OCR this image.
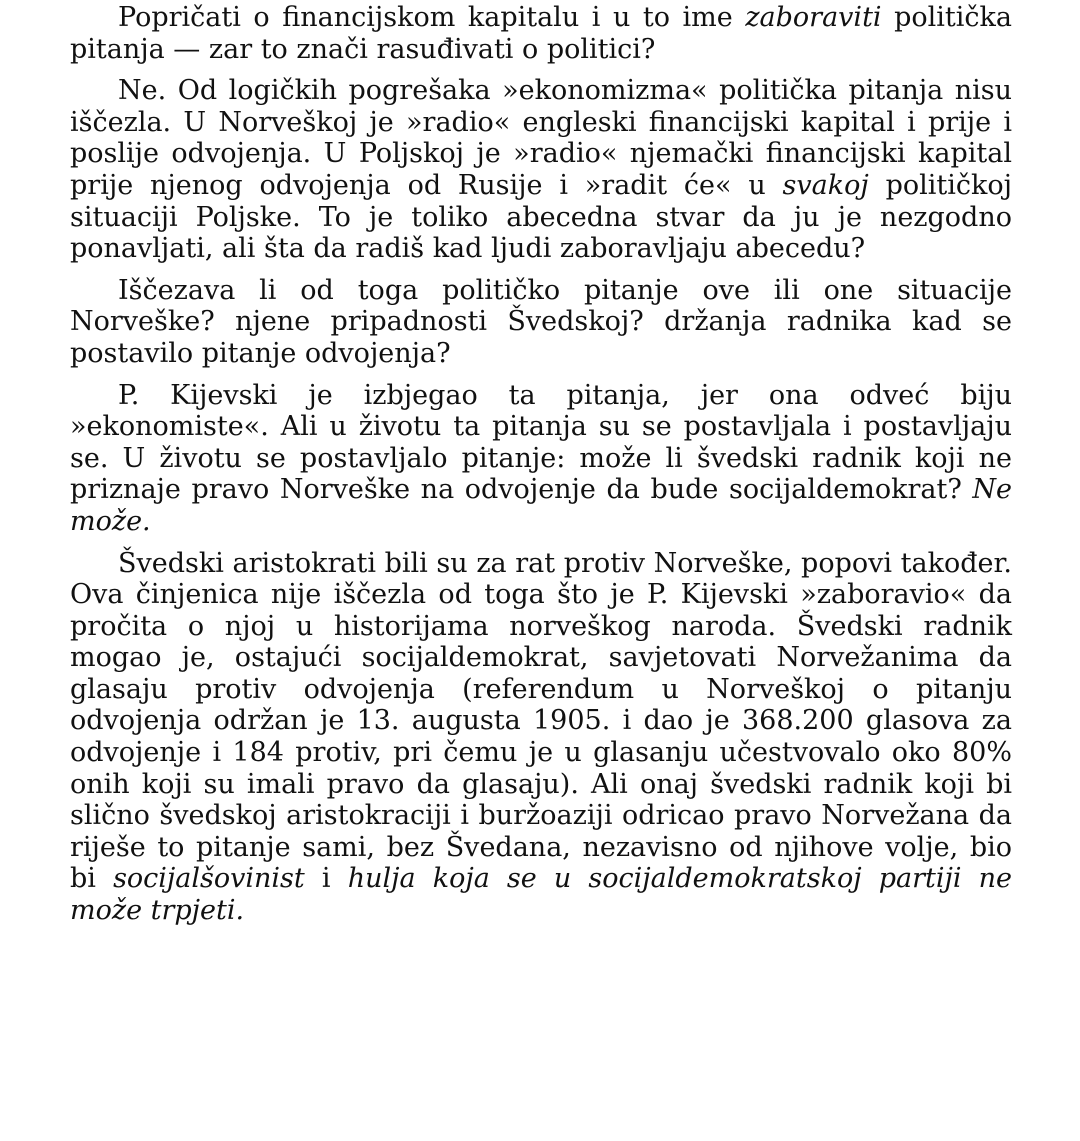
Popričati o financijskom kapitalu i u to ime zaboraviti politička pitanja — zar to znači rasuđivati o politici?

Ne. Od logičkih pogrešaka »ekonomizma« politička pitanja nisu iščezla. U Norveškoj je »radio« engleski financijski kapital i prije i poslije odvojenja. U Poljskoj je »radio« njemački financijski kapital prije njenog odvojenja od Rusije i »radit će« u svakoj političkoj situaciji Poljske. To je toliko abecedna stvar da ju je nezgodno ponavljati, ali šta da radiš kad ljudi zaboravljaju abecedu?

Iščezava li od toga političko pitanje ove ili one situacije Norveške? njene pripadnosti Švedskoj? držanja radnika kad se postavilo pitanje odvojenja?

P. Kijevski je izbjegao ta pitanja, jer ona odveć biju »ekonomiste«. Ali u životu ta pitanja su se postavljala i postavljaju se. U životu se postavljalo pitanje: može li švedski radnik koji ne priznaje pravo Norveške na odvojenje da bude socijaldemokrat? Ne može.

Švedski aristokrati bili su za rat protiv Norveške, popovi također. Ova činjenica nije iščezla od toga što je P. Kijevski »zaboravio« da pročita o njoj u historijama norveškog naroda. Švedski radnik mogao je, ostajući socijaldemokrat, savjetovati Norvežanima da glasaju protiv odvojenja (referendum u Norveškoj o pitanju odvojenja održan je 13. augusta 1905. i dao je 368.200 glasova za odvojenje i 184 protiv, pri čemu je u glasanju učestvovalo oko 80% onih koji su imali pravo da glasaju). Ali onaj švedski radnik koji bi slično švedskoj aristokraciji i buržoaziji odricao pravo Norvežana da riješe to pitanje sami, bez Švedana, nezavisno od njihove volje, bio bi socijalšovinist i hulja koja se u socijaldemokratskoj partiji ne može trpjeti.
